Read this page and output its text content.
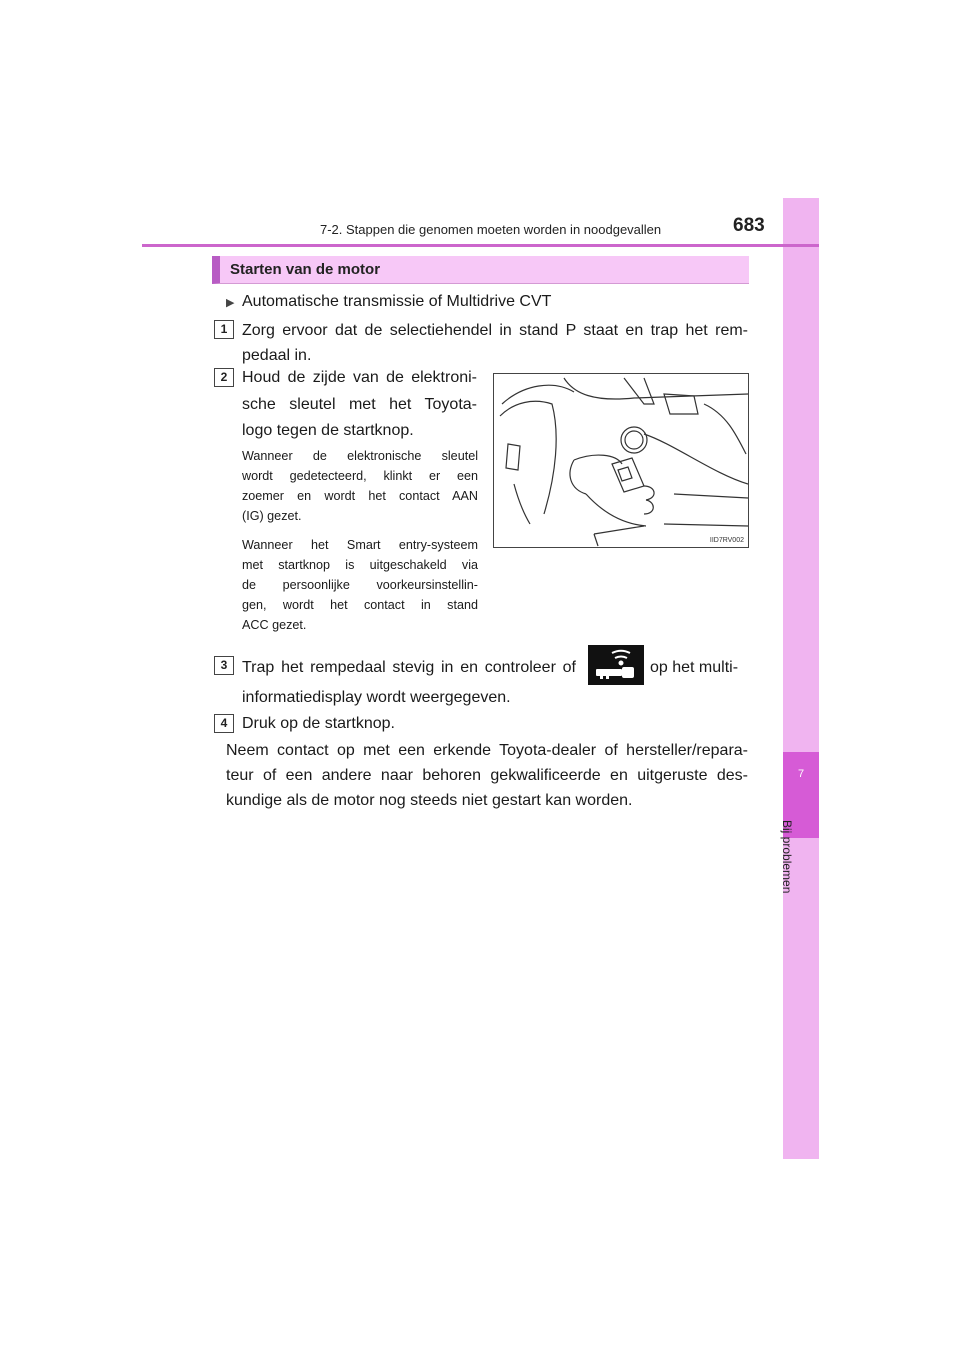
7
Bij problemen
7-2. Stappen die genomen moeten worden in noodgevallen	683
Starten van de motor
▶ Automatische transmissie of Multidrive CVT
1 Zorg ervoor dat de selectiehendel in stand P staat en trap het rem-
pedaal in.
2 Houd de zijde van de elektroni-
sche sleutel met het Toyota-
logo tegen de startknop.
Wanneer de elektronische sleutel
wordt gedetecteerd, klinkt er een
zoemer en wordt het contact AAN
(IG) gezet.
Wanneer het Smart entry-systeem
met startknop is uitgeschakeld via
de persoonlijke voorkeursinstellin-
gen, wordt het contact in stand
ACC gezet.
IID7RV002
3 Trap het rempedaal stevig in en controleer of	op het multi-
informatiedisplay wordt weergegeven.
4 Druk op de startknop.
Neem contact op met een erkende Toyota-dealer of hersteller/repara-
teur of een andere naar behoren gekwalificeerde en uitgeruste des-
kundige als de motor nog steeds niet gestart kan worden.
